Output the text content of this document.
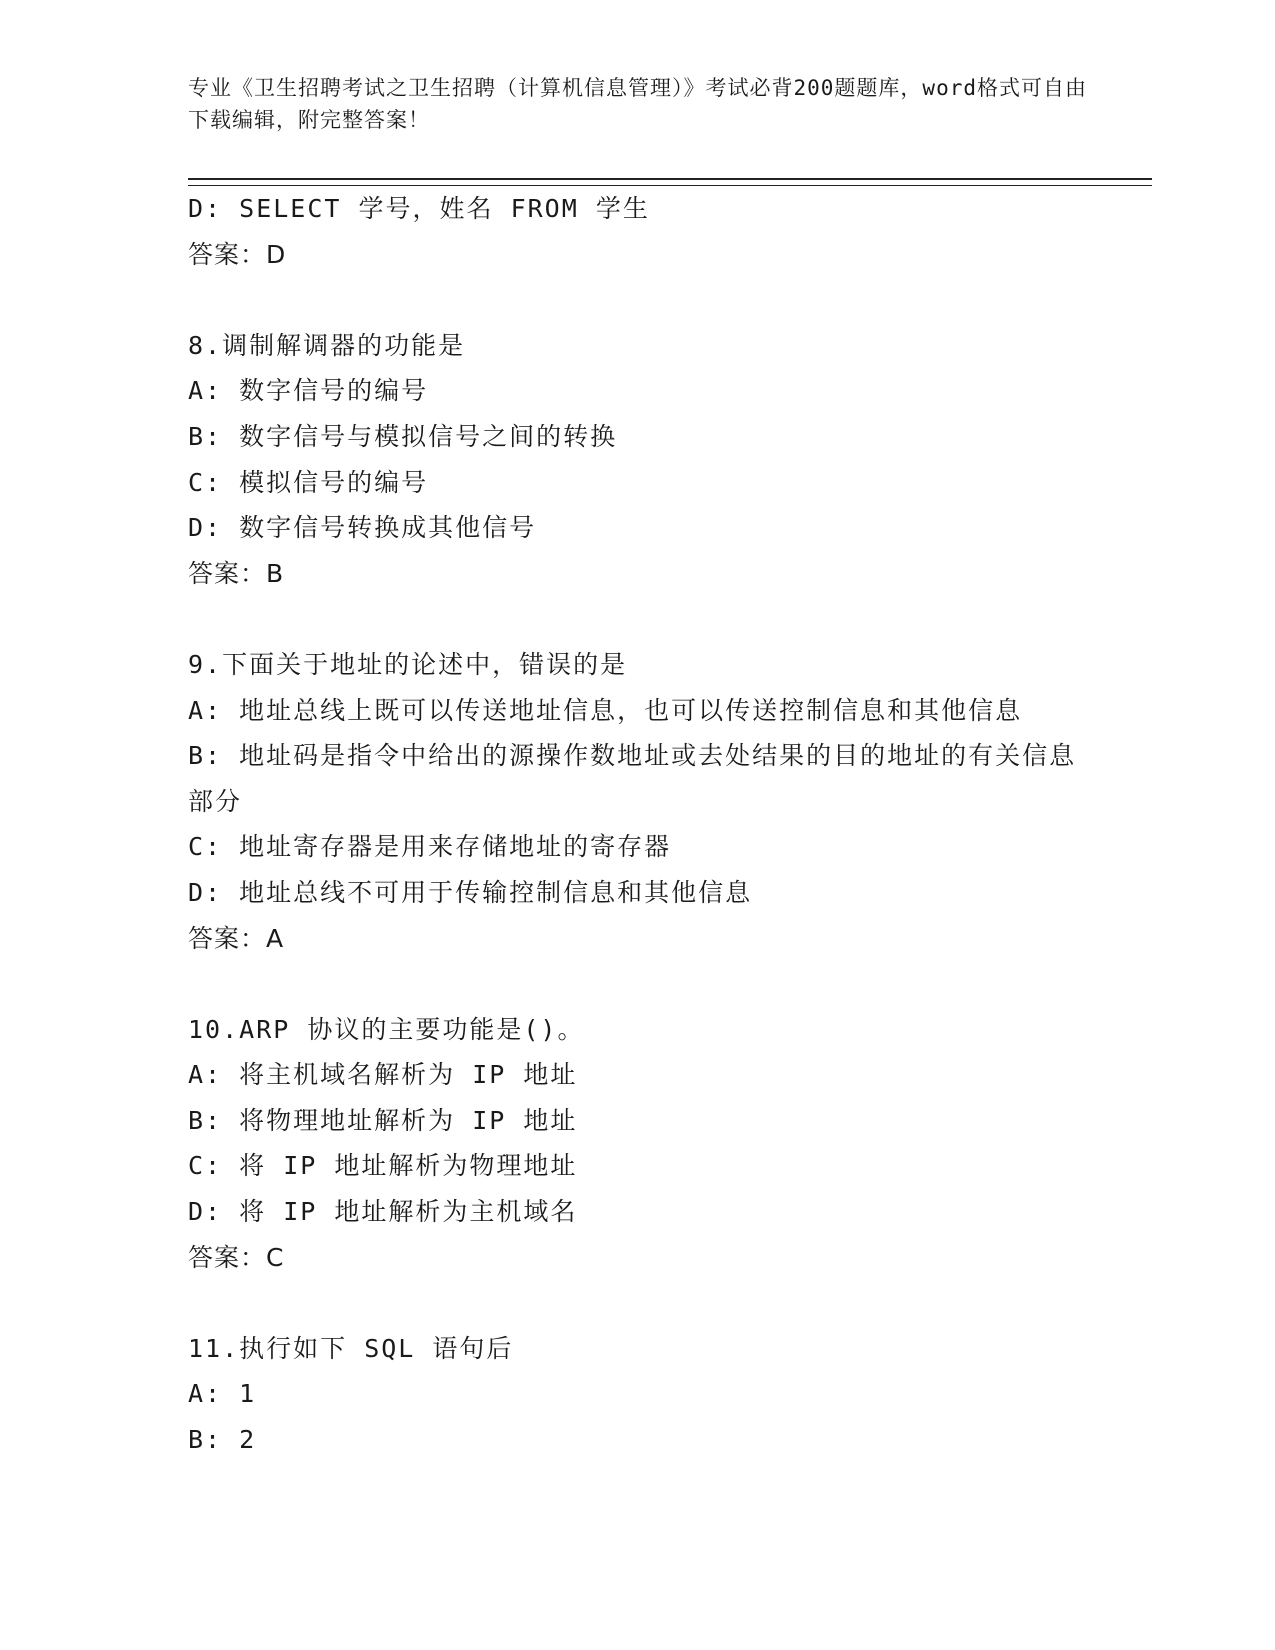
专业《卫生招聘考试之卫生招聘（计算机信息管理）》考试必背200题题库，word格式可自由下载编辑，附完整答案！
D: SELECT 学号，姓名 FROM 学生
答案：D
8.调制解调器的功能是
A: 数字信号的编号
B: 数字信号与模拟信号之间的转换
C: 模拟信号的编号
D: 数字信号转换成其他信号
答案：B
9.下面关于地址的论述中，错误的是
A: 地址总线上既可以传送地址信息，也可以传送控制信息和其他信息
B: 地址码是指令中给出的源操作数地址或去处结果的目的地址的有关信息部分
C: 地址寄存器是用来存储地址的寄存器
D: 地址总线不可用于传输控制信息和其他信息
答案：A
10.ARP 协议的主要功能是()。
A: 将主机域名解析为 IP 地址
B: 将物理地址解析为 IP 地址
C: 将 IP 地址解析为物理地址
D: 将 IP 地址解析为主机域名
答案：C
11.执行如下 SQL 语句后
A: 1
B: 2
